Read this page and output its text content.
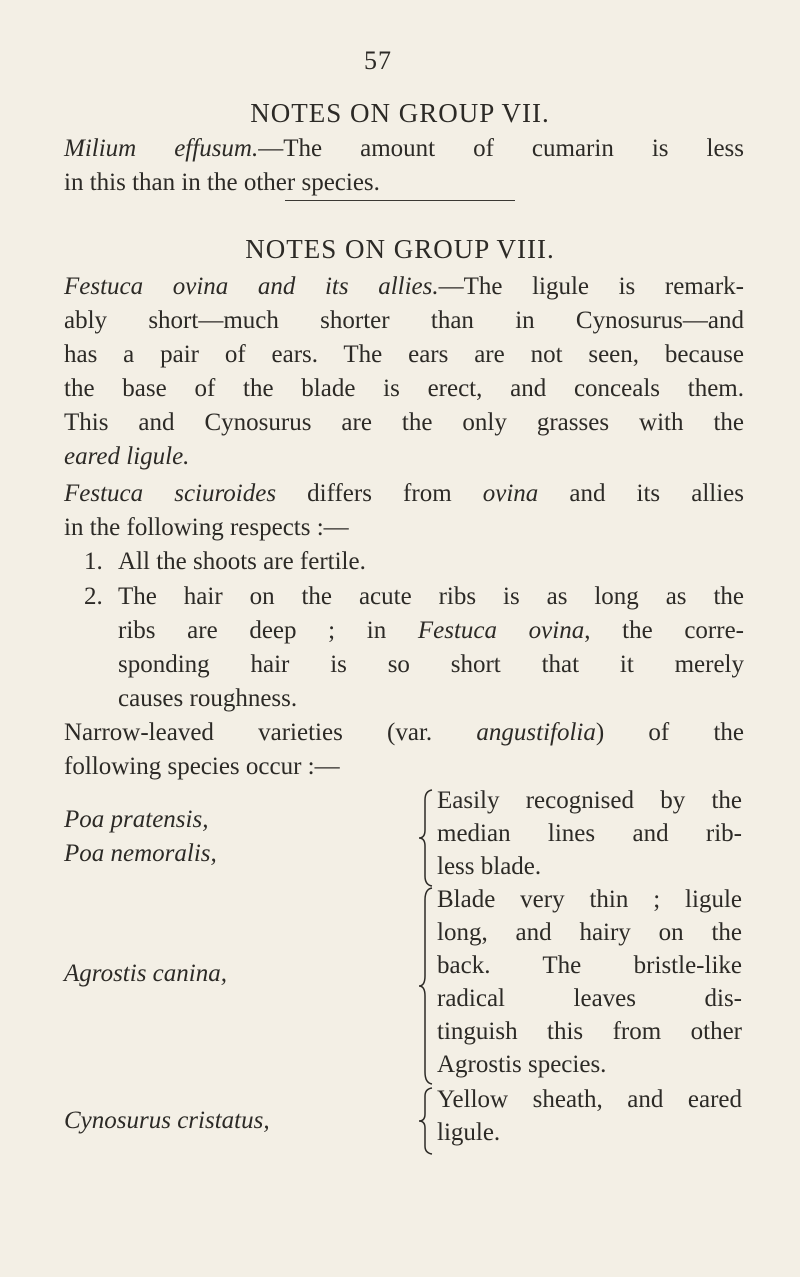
57
NOTES ON GROUP VII.
Milium effusum.—The amount of cumarin is less
in this than in the other species.
NOTES ON GROUP VIII.
Festuca ovina and its allies.—The ligule is remark-
ably short—much shorter than in Cynosurus—and
has a pair of ears. The ears are not seen, because
the base of the blade is erect, and conceals them.
This and Cynosurus are the only grasses with the
eared ligule.
Festuca sciuroides differs from ovina and its allies
in the following respects :—
1. All the shoots are fertile.
2. The hair on the acute ribs is as long as the
ribs are deep ; in Festuca ovina, the corre-
sponding hair is so short that it merely
causes roughness.
Narrow-leaved varieties (var. angustifolia) of the
following species occur :—
Poa pratensis,
Poa nemoralis,
Easily recognised by the
median lines and rib-
less blade.
Agrostis canina,
Blade very thin ; ligule
long, and hairy on the
back. The bristle-like
radical leaves dis-
tinguish this from other
Agrostis species.
Cynosurus cristatus,
Yellow sheath, and eared
ligule.
